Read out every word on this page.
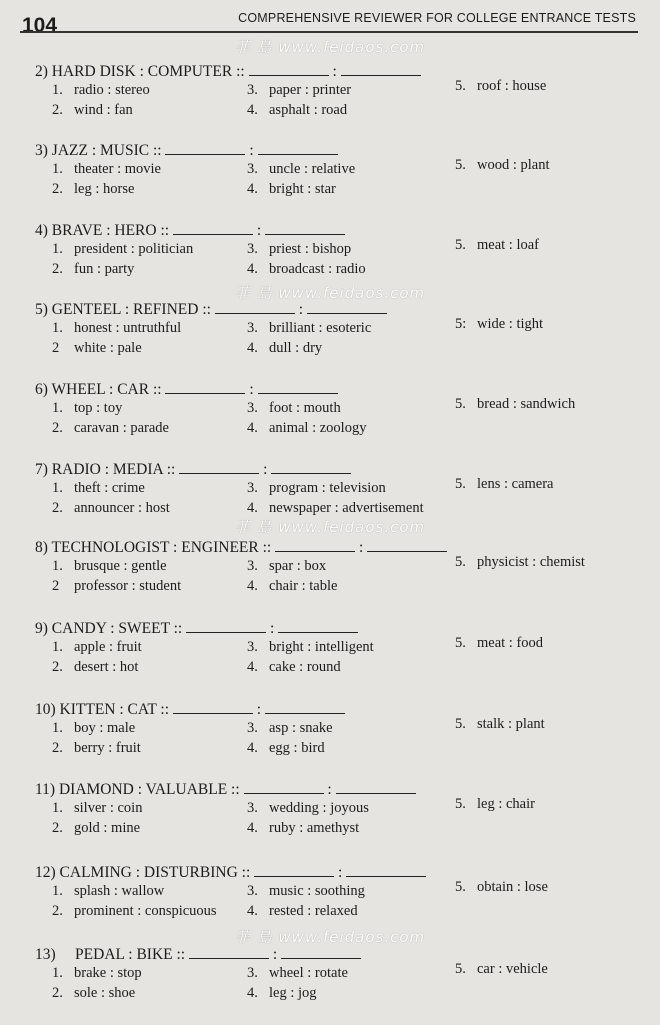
104	COMPREHENSIVE REVIEWER FOR COLLEGE ENTRANCE TESTS
菲 島 www.feidaos.com
菲 島 www.feidaos.com
菲 島 www.feidaos.com
菲 島 www.feidaos.com
2) HARD DISK : COMPUTER ::	:
1. radio : stereo
2. wind : fan
3. paper : printer
4. asphalt : road
5. roof : house
3) JAZZ : MUSIC ::	:
1. theater : movie
2. leg : horse
3. uncle : relative
4. bright : star
5. wood : plant
4) BRAVE : HERO ::	:
1. president : politician
2. fun : party
3. priest : bishop
4. broadcast : radio
5. meat : loaf
5) GENTEEL : REFINED ::	:
1. honest : untruthful
2 white : pale
3. brilliant : esoteric
4. dull : dry
5: wide : tight
6) WHEEL : CAR ::	:
1. top : toy
2. caravan : parade
3. foot : mouth
4. animal : zoology
5. bread : sandwich
7) RADIO : MEDIA ::	:
1. theft : crime
2. announcer : host
3. program : television
4. newspaper : advertisement
5. lens : camera
8) TECHNOLOGIST : ENGINEER ::	:
1. brusque : gentle
2 professor : student
3. spar : box
4. chair : table
5. physicist : chemist
9) CANDY : SWEET ::	:
1. apple : fruit
2. desert : hot
3. bright : intelligent
4. cake : round
5. meat : food
10) KITTEN : CAT ::	:
1. boy : male
2. berry : fruit
3. asp : snake
4. egg : bird
5. stalk : plant
11) DIAMOND : VALUABLE ::	:
1. silver : coin
2. gold : mine
3. wedding : joyous
4. ruby : amethyst
5. leg : chair
12) CALMING : DISTURBING ::	:
1. splash : wallow
2. prominent : conspicuous
3. music : soothing
4. rested : relaxed
5. obtain : lose
13)     PEDAL : BIKE ::	:
1. brake : stop
2. sole : shoe
3. wheel : rotate
4. leg : jog
5. car : vehicle
